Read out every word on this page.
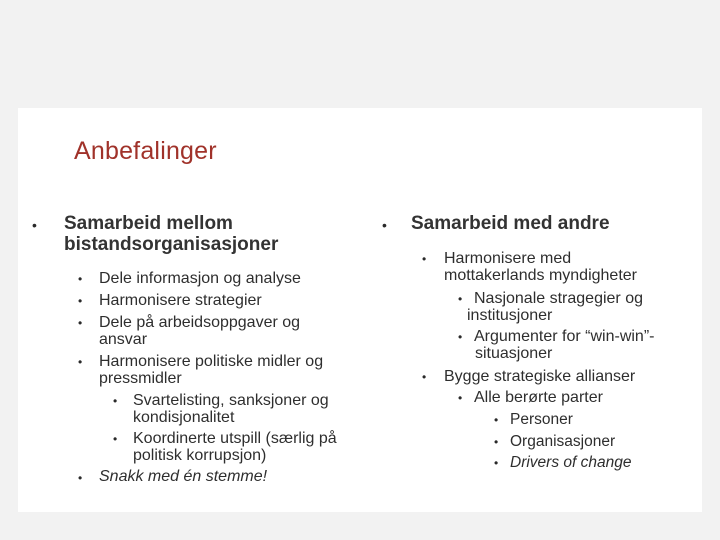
Anbefalinger
• Samarbeid mellom
bistandsorganisasjoner
• Dele informasjon og analyse
• Harmonisere strategier
• Dele på arbeidsoppgaver og
ansvar
• Harmonisere politiske midler og
pressmidler
• Svartelisting, sanksjoner og
kondisjonalitet
• Koordinerte utspill (særlig på
politisk korrupsjon)
• Snakk med én stemme!
• Samarbeid med andre
• Harmonisere med
mottakerlands myndigheter
• Nasjonale stragegier og
institusjoner
• Argumenter for “win-win”-
situasjoner
• Bygge strategiske allianser
• Alle berørte parter
• Personer
• Organisasjoner
• Drivers of change
